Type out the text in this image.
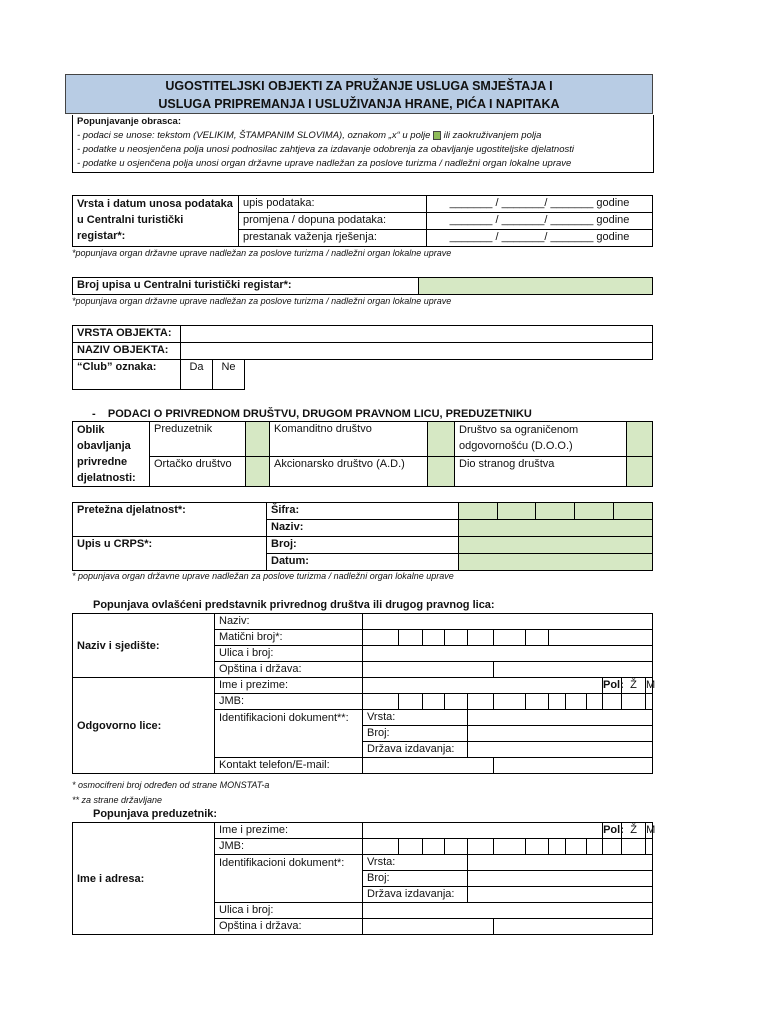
UGOSTITELJSKI OBJEKTI ZA PRUŽANJE USLUGA SMJEŠTAJA I
USLUGA PRIPREMANJA I USLUŽIVANJA HRANE, PIĆA I NAPITAKA
Popunjavanje obrasca:
- podaci se unose: tekstom (VELIKIM, ŠTAMPANIM SLOVIMA), oznakom „x“ u polje ili zaokruživanjem polja
- podatke u neosjenčena polja unosi podnosilac zahtjeva za izdavanje odobrenja za obavljanje ugostiteljske djelatnosti
- podatke u osjenčena polja unosi organ državne uprave nadležan za poslove turizma / nadležni organ lokalne uprave
Vrsta i datum unosa podataka u Centralni turistički registar*:	upis podataka:	_______ / _______/ _______ godine
	promjena / dopuna podataka:	_______ / _______/ _______ godine
	prestanak važenja rješenja:	_______ / _______/ _______ godine
*popunjava organ državne uprave nadležan za poslove turizma / nadležni organ lokalne uprave
Broj upisa u Centralni turistički registar*:	
*popunjava organ državne uprave nadležan za poslove turizma / nadležni organ lokalne uprave
VRSTA OBJEKTA:			
NAZIV OBJEKTA:			
“Club” oznaka:	Da	Ne	
- PODACI O PRIVREDNOM DRUŠTVU, DRUGOM PRAVNOM LICU, PREDUZETNIKU
Oblik obavljanja privredne djelatnosti:	Preduzetnik		Komanditno društvo		Društvo sa ograničenom odgovornošću (D.O.O.)	
	Ortačko društvo		Akcionarsko društvo (A.D.)		Dio stranog društva	
Pretežna djelatnost*:	Šifra:					
	Naziv:					
Upis u CRPS*:	Broj:					
	Datum:					
* popunjava organ državne uprave nadležan za poslove turizma / nadležni organ lokalne uprave
Popunjava ovlašćeni predstavnik privrednog društva ili drugog pravnog lica:
Naziv i sjedište:	Naziv:													
	Matični broj*:													
	Ulica i broj:													
	Opština i država:													
Odgovorno lice:	Ime i prezime:											Pol:	Ž	M
	JMB:													
	Identifikacioni dokument**:	Vrsta:												
		Broj:												
		Država izdavanja:												
	Kontakt telefon/E-mail:													
* osmocifreni broj određen od strane MONSTAT-a
** za strane državljane
Popunjava preduzetnik:
Ime i adresa:	Ime i prezime:											Pol:	Ž	M
	JMB:													
	Identifikacioni dokument*:	Vrsta:												
		Broj:												
		Država izdavanja:												
	Ulica i broj:													
	Opština i država:													
